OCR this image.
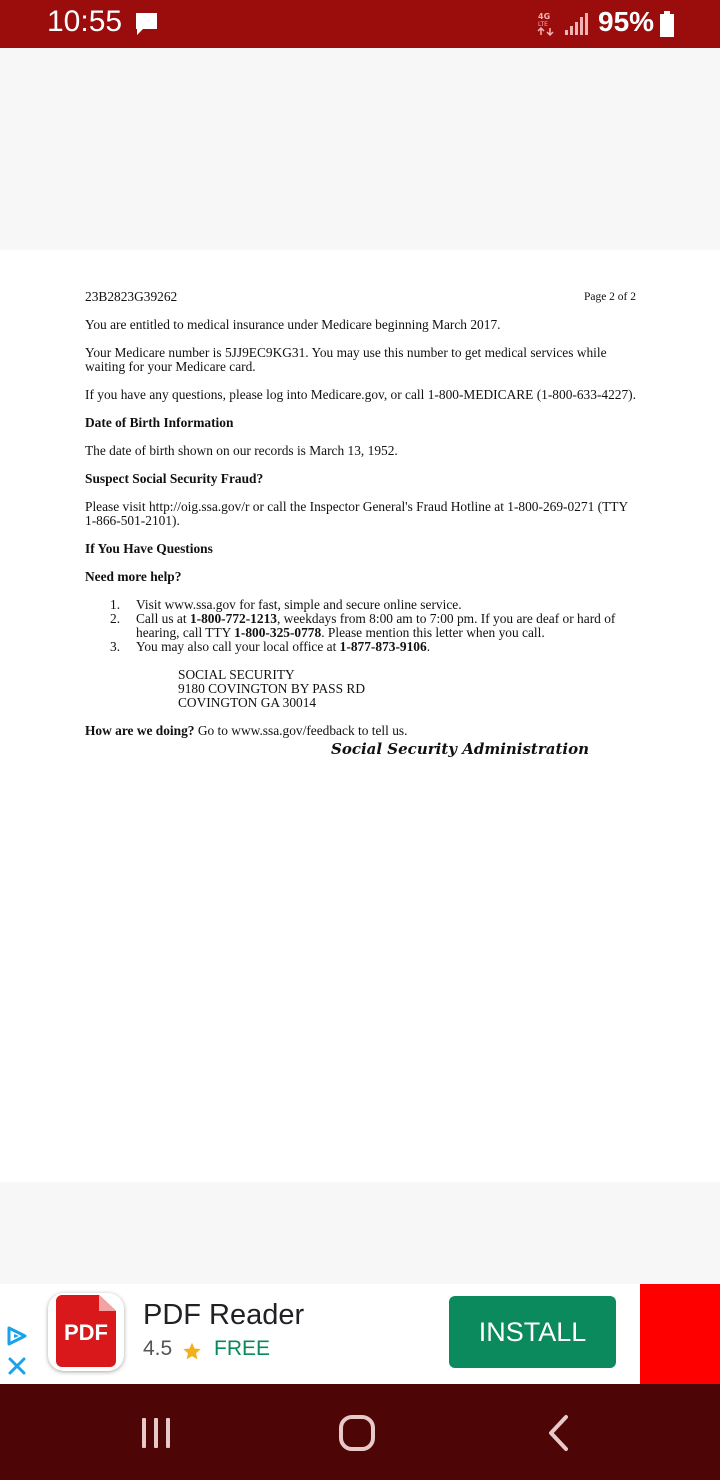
10:55	4G
LTE 95%
23B2823G39262	Page 2 of 2
You are entitled to medical insurance under Medicare beginning March 2017.
Your Medicare number is 5JJ9EC9KG31. You may use this number to get medical services while waiting for your Medicare card.
If you have any questions, please log into Medicare.gov, or call 1-800-MEDICARE (1-800-633-4227).
Date of Birth Information
The date of birth shown on our records is March 13, 1952.
Suspect Social Security Fraud?
Please visit http://oig.ssa.gov/r or call the Inspector General's Fraud Hotline at 1-800-269-0271 (TTY 1-866-501-2101).
If You Have Questions
Need more help?
1.	Visit www.ssa.gov for fast, simple and secure online service.
2.	Call us at 1-800-772-1213, weekdays from 8:00 am to 7:00 pm. If you are deaf or hard of hearing, call TTY 1-800-325-0778. Please mention this letter when you call.
3.	You may also call your local office at 1-877-873-9106.
SOCIAL SECURITY
9180 COVINGTON BY PASS RD
COVINGTON GA 30014
How are we doing? Go to www.ssa.gov/feedback to tell us.
Social Security Administration
PDF
PDF Reader
4.5 FREE
INSTALL
